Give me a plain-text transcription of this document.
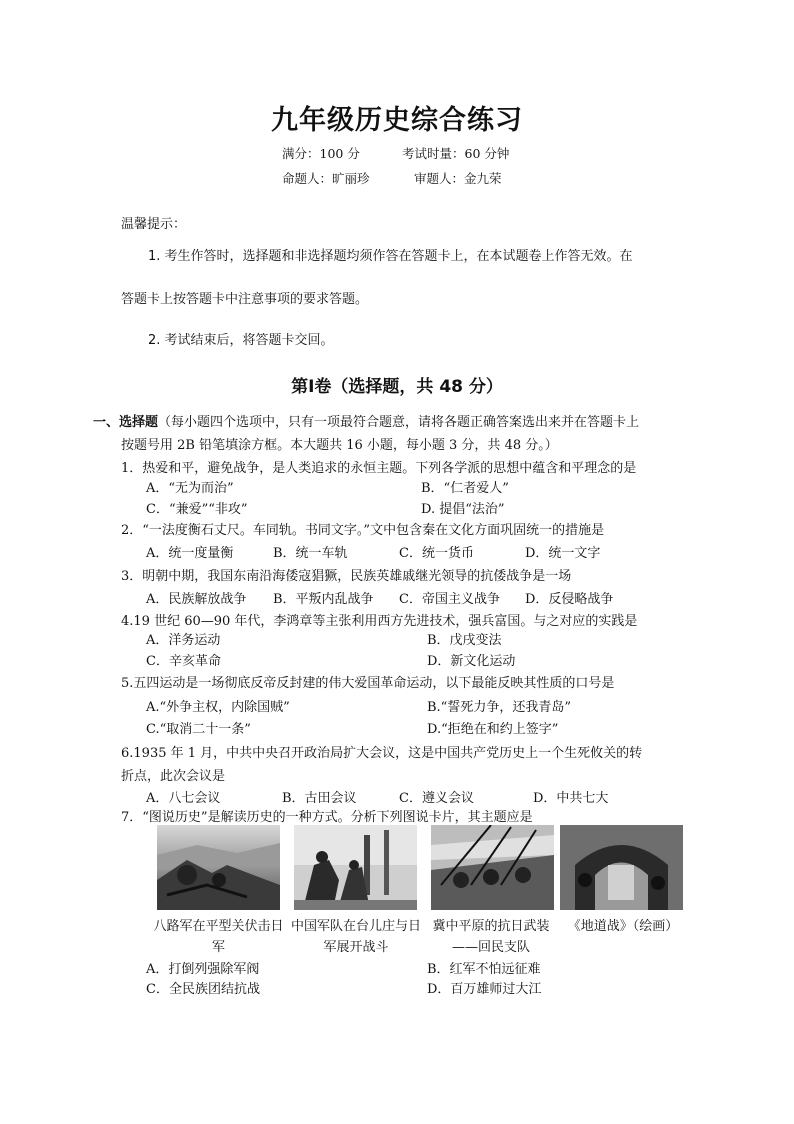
九年级历史综合练习
满分：100 分	考试时量：60 分钟
命题人：旷丽珍	审题人：金九荣
温馨提示：
1. 考生作答时，选择题和非选择题均须作答在答题卡上，在本试题卷上作答无效。在
答题卡上按答题卡中注意事项的要求答题。
2. 考试结束后，将答题卡交回。
第Ⅰ卷（选择题，共 48 分）
一、选择题（每小题四个选项中，只有一项最符合题意，请将各题正确答案选出来并在答题卡上
按题号用 2B 铅笔填涂方框。本大题共 16 小题，每小题 3 分，共 48 分。）
1．热爱和平，避免战争，是人类追求的永恒主题。下列各学派的思想中蕴含和平理念的是
A．“无为而治”	B．“仁者爱人”
C．“兼爱”“非攻”	D. 提倡“法治”
2．“一法度衡石丈尺。车同轨。书同文字。”文中包含秦在文化方面巩固统一的措施是
A．统一度量衡	B．统一车轨	C．统一货币	D．统一文字
3．明朝中期，我国东南沿海倭寇猖獗，民族英雄戚继光领导的抗倭战争是一场
A．民族解放战争 B．平叛内乱战争 C．帝国主义战争 D．反侵略战争
4.19 世纪 60—90 年代，李鸿章等主张利用西方先进技术，强兵富国。与之对应的实践是
A．洋务运动	B．戊戌变法
C．辛亥革命	D．新文化运动
5.五四运动是一场彻底反帝反封建的伟大爱国革命运动，以下最能反映其性质的口号是
A.“外争主权，内除国贼”	B.“誓死力争，还我青岛”
C.“取消二十一条”	D.“拒绝在和约上签字”
6.1935 年 1 月，中共中央召开政治局扩大会议，这是中国共产党历史上一个生死攸关的转
折点，此次会议是
A．八七会议	B．古田会议	C．遵义会议	D．中共七大
7．“图说历史”是解读历史的一种方式。分析下列图说卡片，其主题应是
八路军在平型关伏击日军
中国军队在台儿庄与日军展开战斗
冀中平原的抗日武装——回民支队
《地道战》（绘画）
A．打倒列强除军阀	B．红军不怕远征难
C．全民族团结抗战	D．百万雄师过大江
